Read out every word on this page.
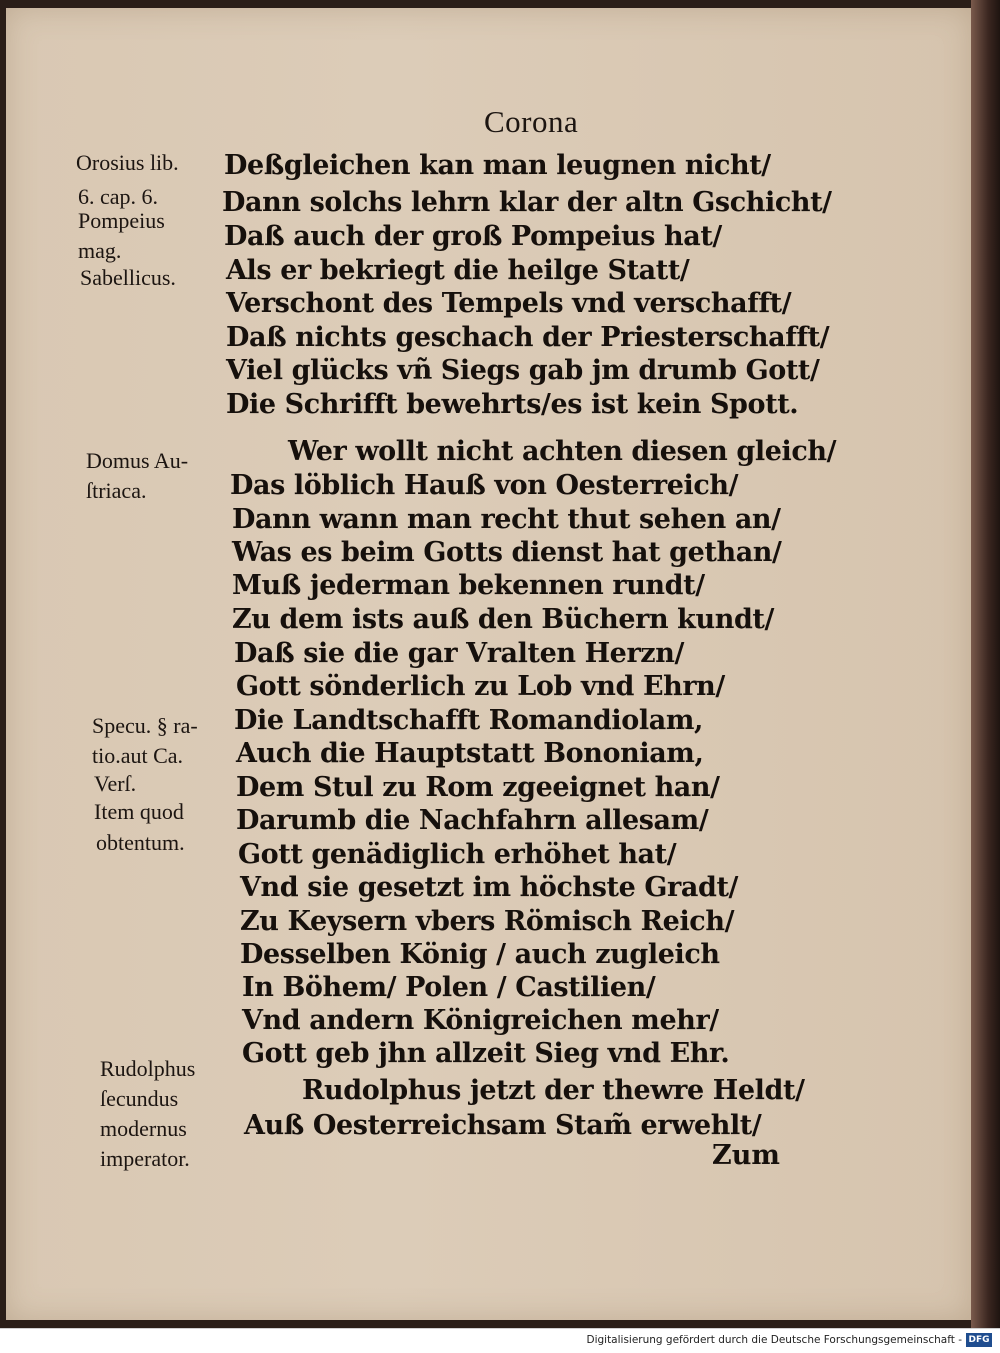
Corona
Deßgleichen kan man leugnen nicht/
Dann solchs lehrn klar der altn Gschicht/
Daß auch der groß Pompeius hat/
Als er bekriegt die heilge Statt/
Verschont des Tempels vnd verschafft/
Daß nichts geschach der Priesterschafft/
Viel glücks vñ Siegs gab jm drumb Gott/
Die Schrifft bewehrts/es ist kein Spott.
Wer wollt nicht achten diesen gleich/
Das löblich Hauß von Oesterreich/
Dann wann man recht thut sehen an/
Was es beim Gotts dienst hat gethan/
Muß jederman bekennen rundt/
Zu dem ists auß den Büchern kundt/
Daß sie die gar Vralten Herzn/
Gott sönderlich zu Lob vnd Ehrn/
Die Landtschafft Romandiolam,
Auch die Hauptstatt Bononiam,
Dem Stul zu Rom zgeeignet han/
Darumb die Nachfahrn allesam/
Gott genädiglich erhöhet hat/
Vnd sie gesetzt im höchste Gradt/
Zu Keysern vbers Römisch Reich/
Desselben König / auch zugleich
In Böhem/ Polen / Castilien/
Vnd andern Königreichen mehr/
Gott geb jhn allzeit Sieg vnd Ehr.
Rudolphus jetzt der thewre Heldt/
Auß Oesterreichsam Stam̃ erwehlt/
Zum
Orosius lib.
6. cap. 6.
Pompeius
mag.
Sabellicus.
Domus Au-
ſtriaca.
Specu. § ra-
tio.aut Ca.
Verſ.
Item quod
obtentum.
Rudolphus
ſecundus
modernus
imperator.
Digitalisierung gefördert durch die Deutsche Forschungsgemeinschaft - DFG
